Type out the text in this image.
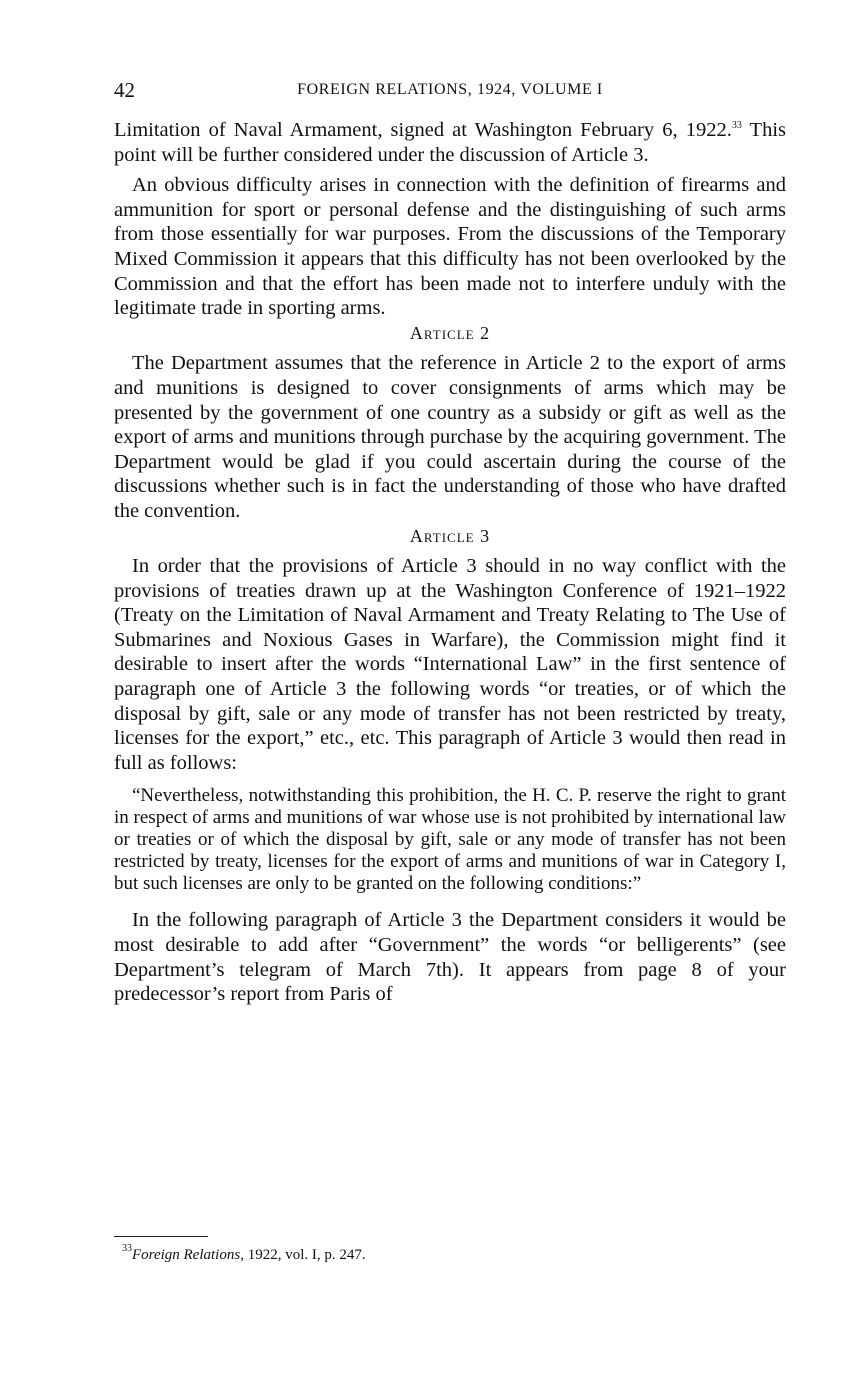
42	FOREIGN RELATIONS, 1924, VOLUME I

Limitation of Naval Armament, signed at Washington February 6, 1922.33 This point will be further considered under the discussion of Article 3.

An obvious difficulty arises in connection with the definition of firearms and ammunition for sport or personal defense and the distinguishing of such arms from those essentially for war purposes. From the discussions of the Temporary Mixed Commission it appears that this difficulty has not been overlooked by the Commission and that the effort has been made not to interfere unduly with the legitimate trade in sporting arms.

Article 2

The Department assumes that the reference in Article 2 to the export of arms and munitions is designed to cover consignments of arms which may be presented by the government of one country as a subsidy or gift as well as the export of arms and munitions through purchase by the acquiring government. The Department would be glad if you could ascertain during the course of the discussions whether such is in fact the understanding of those who have drafted the convention.

Article 3

In order that the provisions of Article 3 should in no way conflict with the provisions of treaties drawn up at the Washington Conference of 1921–1922 (Treaty on the Limitation of Naval Armament and Treaty Relating to The Use of Submarines and Noxious Gases in Warfare), the Commission might find it desirable to insert after the words “International Law” in the first sentence of paragraph one of Article 3 the following words “or treaties, or of which the disposal by gift, sale or any mode of transfer has not been restricted by treaty, licenses for the export,” etc., etc. This paragraph of Article 3 would then read in full as follows:

“Nevertheless, notwithstanding this prohibition, the H. C. P. reserve the right to grant in respect of arms and munitions of war whose use is not prohibited by international law or treaties or of which the disposal by gift, sale or any mode of transfer has not been restricted by treaty, licenses for the export of arms and munitions of war in Category I, but such licenses are only to be granted on the following conditions:”

In the following paragraph of Article 3 the Department considers it would be most desirable to add after “Government” the words “or belligerents” (see Department’s telegram of March 7th). It appears from page 8 of your predecessor’s report from Paris of

$^{33}$Foreign Relations, 1922, vol. I, p. 247.
